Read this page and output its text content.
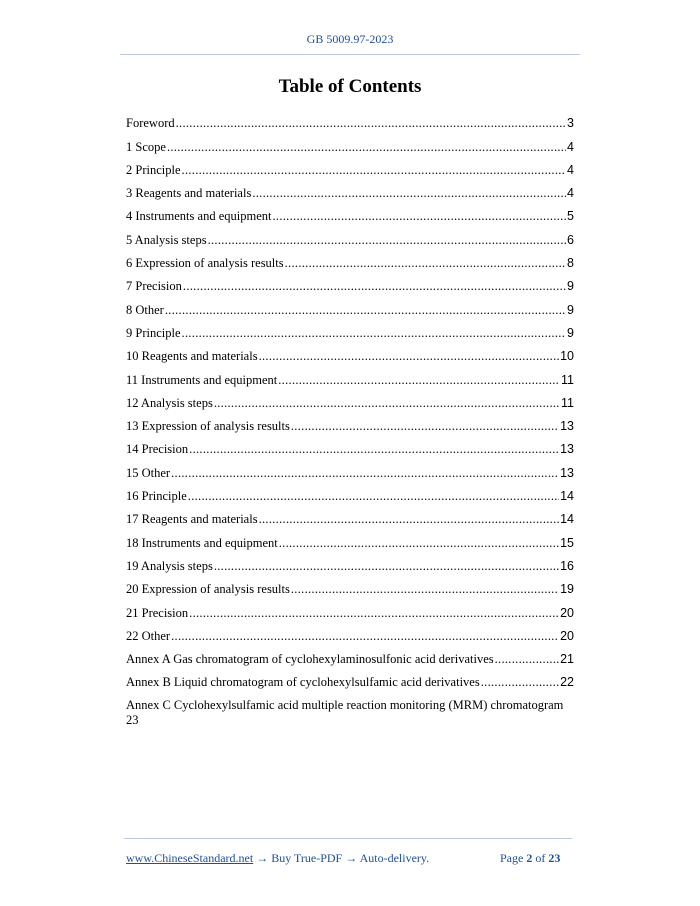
GB 5009.97-2023
Table of Contents
Foreword .....	3
1 Scope .....	4
2 Principle .....	4
3 Reagents and materials .....	4
4 Instruments and equipment .....	5
5 Analysis steps .....	6
6 Expression of analysis results .....	8
7 Precision .....	9
8 Other .....	9
9 Principle .....	9
10 Reagents and materials .....	10
11 Instruments and equipment .....	11
12 Analysis steps .....	11
13 Expression of analysis results .....	13
14 Precision .....	13
15 Other .....	13
16 Principle .....	14
17 Reagents and materials .....	14
18 Instruments and equipment .....	15
19 Analysis steps .....	16
20 Expression of analysis results .....	19
21 Precision .....	20
22 Other .....	20
Annex A Gas chromatogram of cyclohexylaminosulfonic acid derivatives .....	21
Annex B Liquid chromatogram of cyclohexylsulfamic acid derivatives .....	22
Annex C Cyclohexylsulfamic acid multiple reaction monitoring (MRM) chromatogram
23
www.ChineseStandard.net → Buy True-PDF → Auto-delivery.	Page 2 of 23
